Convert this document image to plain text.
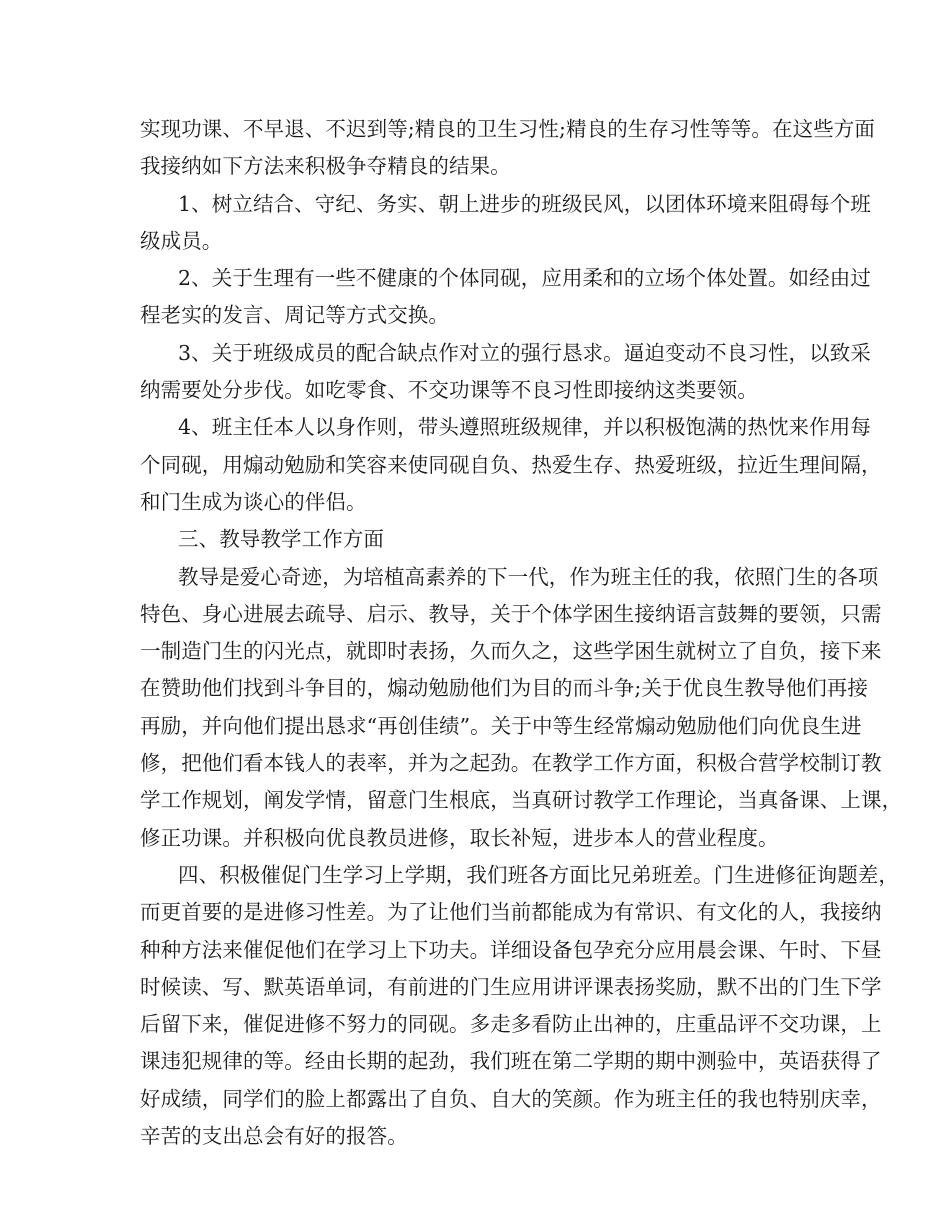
实现功课、不早退、不迟到等;精良的卫生习性;精良的生存习性等等。在这些方面
我接纳如下方法来积极争夺精良的结果。
1、树立结合、守纪、务实、朝上进步的班级民风，以团体环境来阻碍每个班
级成员。
2、关于生理有一些不健康的个体同砚，应用柔和的立场个体处置。如经由过
程老实的发言、周记等方式交换。
3、关于班级成员的配合缺点作对立的强行恳求。逼迫变动不良习性，以致采
纳需要处分步伐。如吃零食、不交功课等不良习性即接纳这类要领。
4、班主任本人以身作则，带头遵照班级规律，并以积极饱满的热忱来作用每
个同砚，用煽动勉励和笑容来使同砚自负、热爱生存、热爱班级，拉近生理间隔，
和门生成为谈心的伴侣。
三、教导教学工作方面
教导是爱心奇迹，为培植高素养的下一代，作为班主任的我，依照门生的各项
特色、身心进展去疏导、启示、教导，关于个体学困生接纳语言鼓舞的要领，只需
一制造门生的闪光点，就即时表扬，久而久之，这些学困生就树立了自负，接下来
在赞助他们找到斗争目的，煽动勉励他们为目的而斗争;关于优良生教导他们再接
再励，并向他们提出恳求“再创佳绩”。关于中等生经常煽动勉励他们向优良生进
修，把他们看本钱人的表率，并为之起劲。在教学工作方面，积极合营学校制订教
学工作规划，阐发学情，留意门生根底，当真研讨教学工作理论，当真备课、上课，
修正功课。并积极向优良教员进修，取长补短，进步本人的营业程度。
四、积极催促门生学习上学期，我们班各方面比兄弟班差。门生进修征询题差，
而更首要的是进修习性差。为了让他们当前都能成为有常识、有文化的人，我接纳
种种方法来催促他们在学习上下功夫。详细设备包孕充分应用晨会课、午时、下昼
时候读、写、默英语单词，有前进的门生应用讲评课表扬奖励，默不出的门生下学
后留下来，催促进修不努力的同砚。多走多看防止出神的，庄重品评不交功课，上
课违犯规律的等。经由长期的起劲，我们班在第二学期的期中测验中，英语获得了
好成绩，同学们的脸上都露出了自负、自大的笑颜。作为班主任的我也特别庆幸，
辛苦的支出总会有好的报答。
